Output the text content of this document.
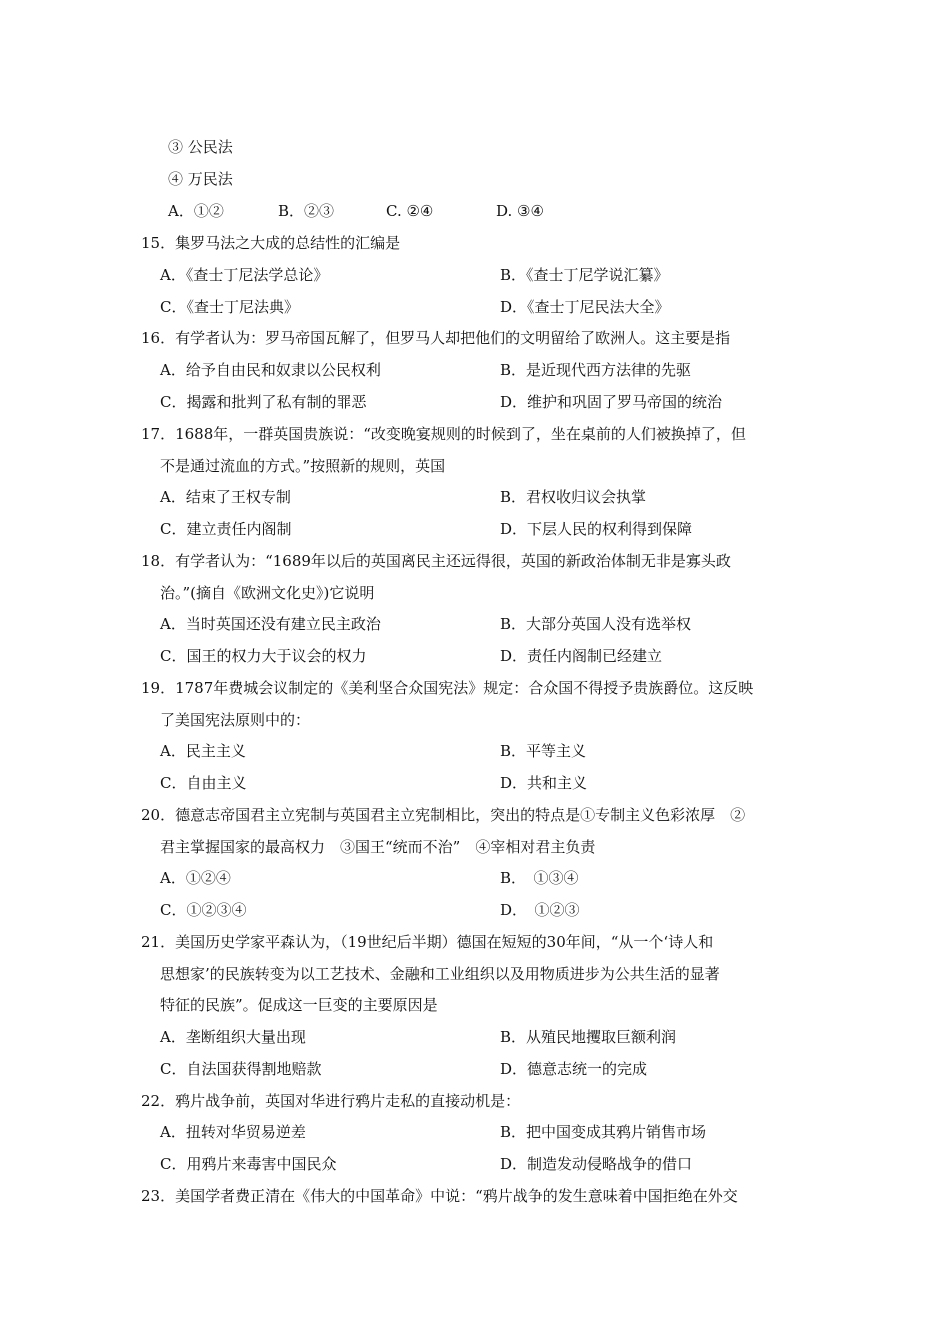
③ 公民法
④ 万民法
A．①②	B．②③	C. ②④	D. ③④
15．集罗马法之大成的总结性的汇编是
A．《查士丁尼法学总论》	B．《查士丁尼学说汇纂》
C．《查士丁尼法典》	D．《查士丁尼民法大全》
16．有学者认为：罗马帝国瓦解了，但罗马人却把他们的文明留给了欧洲人。这主要是指
A．给予自由民和奴隶以公民权利	B．是近现代西方法律的先驱
C．揭露和批判了私有制的罪恶	D．维护和巩固了罗马帝国的统治
17．1688年，一群英国贵族说：“改变晚宴规则的时候到了，坐在桌前的人们被换掉了，但
不是通过流血的方式。”按照新的规则，英国
A．结束了王权专制	B．君权收归议会执掌
C．建立责任内阁制	D．下层人民的权利得到保障
18．有学者认为：“1689年以后的英国离民主还远得很，英国的新政治体制无非是寡头政
治。”(摘自《欧洲文化史》)它说明
A．当时英国还没有建立民主政治	B．大部分英国人没有选举权
C．国王的权力大于议会的权力	D．责任内阁制已经建立
19．1787年费城会议制定的《美利坚合众国宪法》规定：合众国不得授予贵族爵位。这反映
了美国宪法原则中的：
A．民主主义	B．平等主义
C．自由主义	D．共和主义
20．德意志帝国君主立宪制与英国君主立宪制相比，突出的特点是①专制主义色彩浓厚　②
君主掌握国家的最高权力　③国王“统而不治”　④宰相对君主负责
A．①②④	B．　①③④
C．①②③④	D．　①②③
21．美国历史学家平森认为，（19世纪后半期）德国在短短的30年间，“从一个‘诗人和
思想家’的民族转变为以工艺技术、金融和工业组织以及用物质进步为公共生活的显著
特征的民族”。促成这一巨变的主要原因是
A．垄断组织大量出现	B．从殖民地攫取巨额利润
C．自法国获得割地赔款	D．德意志统一的完成
22．鸦片战争前，英国对华进行鸦片走私的直接动机是：
A．扭转对华贸易逆差	B．把中国变成其鸦片销售市场
C．用鸦片来毒害中国民众	D．制造发动侵略战争的借口
23．美国学者费正清在《伟大的中国革命》中说：“鸦片战争的发生意味着中国拒绝在外交
